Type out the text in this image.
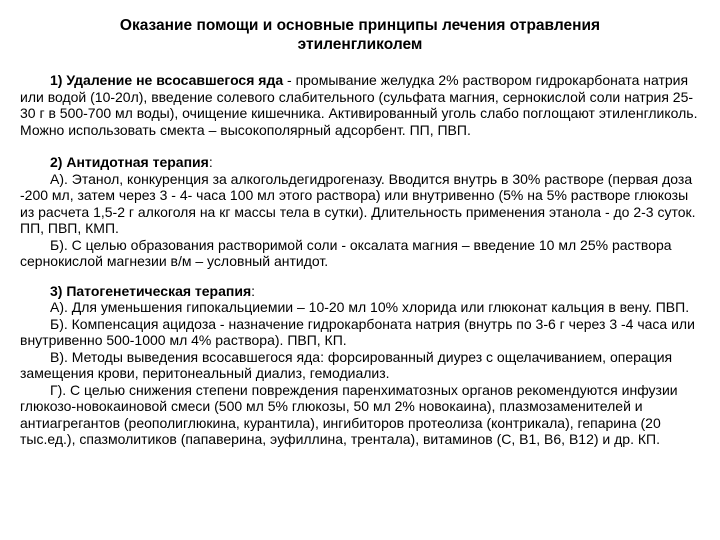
Оказание помощи и основные принципы лечения отравления
этиленгликолем

1) Удаление не всосавшегося яда - промывание желудка 2% раствором гидрокарбоната натрия или водой (10-20л), введение солевого слабительного (сульфата магния, сернокислой соли натрия 25-30 г в 500-700 мл воды), очищение кишечника. Активированный уголь слабо поглощают этиленгликоль. Можно использовать смекта – высокополярный адсорбент. ПП, ПВП.

2) Антидотная терапия:

А). Этанол, конкуренция за алкогольдегидрогеназу. Вводится внутрь в 30% растворе (первая доза -200 мл, затем через 3 - 4- часа 100 мл этого раствора) или внутривенно (5% на 5% растворе глюкозы из расчета 1,5-2 г алкоголя на кг массы тела в сутки). Длительность применения этанола - до 2-3 суток. ПП, ПВП, КМП.

Б). С целью образования растворимой соли - оксалата магния – введение 10 мл 25% раствора сернокислой магнезии в/м – условный антидот.

3) Патогенетическая терапия:

А). Для уменьшения гипокальциемии – 10-20 мл 10% хлорида или глюконат кальция в вену. ПВП.

Б). Компенсация ацидоза - назначение гидрокарбоната натрия (внутрь по 3-6 г через 3 -4 часа или внутривенно 500-1000 мл 4% раствора). ПВП, КП.

В). Методы выведения всосавшегося яда: форсированный диурез с ощелачиванием, операция замещения крови, перитонеальный диализ, гемодиализ.

Г). С целью снижения степени повреждения паренхиматозных органов рекомендуются инфузии глюкозо-новокаиновой смеси (500 мл 5% глюкозы, 50 мл 2% новокаина), плазмозаменителей и антиагрегантов (реополиглюкина, курантила), ингибиторов протеолиза (контрикала), гепарина (20 тыс.ед.), спазмолитиков (папаверина, эуфиллина, трентала), витаминов (С, В1, В6, В12) и др. КП.
